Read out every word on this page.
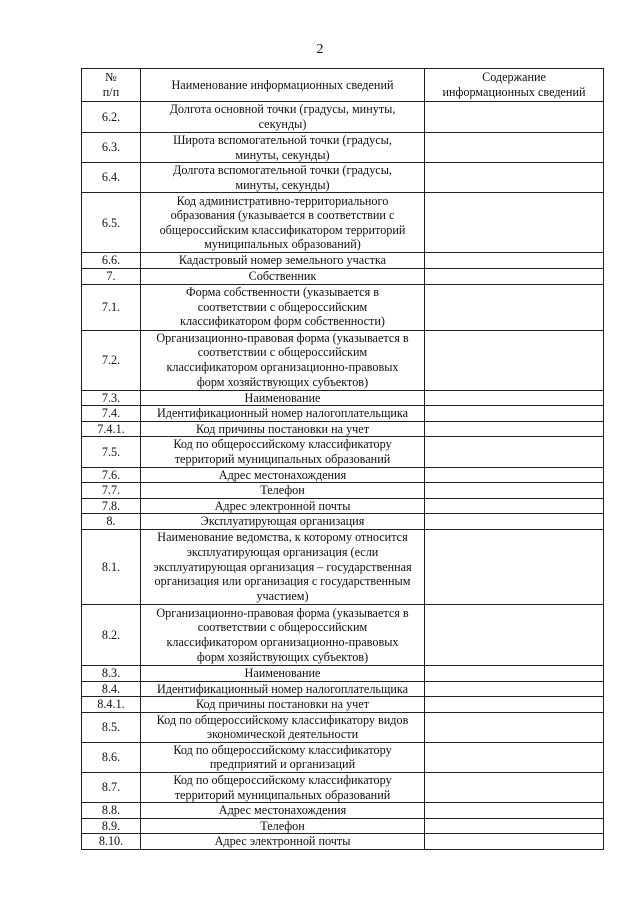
2
№
п/п	Наименование информационных сведений	Содержание
информационных сведений
6.2.	Долгота основной точки (градусы, минуты,
секунды)	
6.3.	Широта вспомогательной точки (градусы,
минуты, секунды)	
6.4.	Долгота вспомогательной точки (градусы,
минуты, секунды)	
6.5.	Код административно-территориального
образования (указывается в соответствии с
общероссийским классификатором территорий
муниципальных образований)	
6.6.	Кадастровый номер земельного участка	
7.	Собственник	
7.1.	Форма собственности (указывается в
соответствии с общероссийским
классификатором форм собственности)	
7.2.	Организационно-правовая форма (указывается в
соответствии с общероссийским
классификатором организационно-правовых
форм хозяйствующих субъектов)	
7.3.	Наименование	
7.4.	Идентификационный номер налогоплательщика	
7.4.1.	Код причины постановки на учет	
7.5.	Код по общероссийскому классификатору
территорий муниципальных образований	
7.6.	Адрес местонахождения	
7.7.	Телефон	
7.8.	Адрес электронной почты	
8.	Эксплуатирующая организация	
8.1.	Наименование ведомства, к которому относится
эксплуатирующая организация (если
эксплуатирующая организация – государственная
организация или организация с государственным
участием)	
8.2.	Организационно-правовая форма (указывается в
соответствии с общероссийским
классификатором организационно-правовых
форм хозяйствующих субъектов)	
8.3.	Наименование	
8.4.	Идентификационный номер налогоплательщика	
8.4.1.	Код причины постановки на учет	
8.5.	Код по общероссийскому классификатору видов
экономической деятельности	
8.6.	Код по общероссийскому классификатору
предприятий и организаций	
8.7.	Код по общероссийскому классификатору
территорий муниципальных образований	
8.8.	Адрес местонахождения	
8.9.	Телефон	
8.10.	Адрес электронной почты	
